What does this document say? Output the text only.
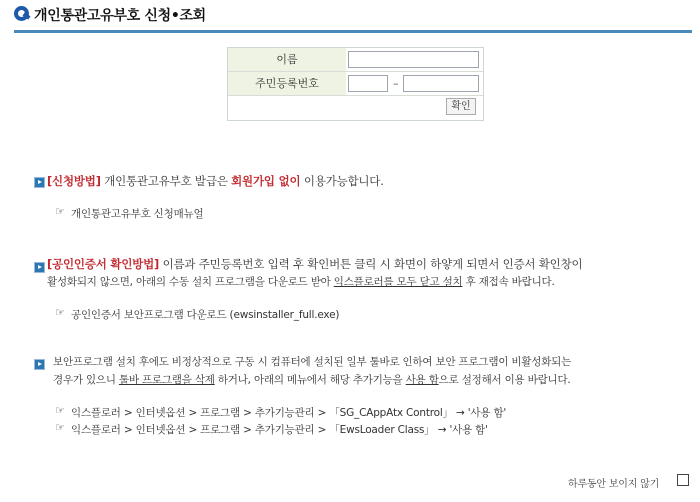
개인통관고유부호 신청•조회
이름
주민등록번호	–
확인
[신청방법] 개인통관고유부호 발급은 회원가입 없이 이용가능합니다.
☞ 개인통관고유부호 신청매뉴얼
[공인인증서 확인방법] 이름과 주민등록번호 입력 후 확인버튼 클릭 시 화면이 하얗게 되면서 인증서 확인창이
활성화되지 않으면, 아래의 수동 설치 프로그램을 다운로드 받아 익스플로러를 모두 닫고 설치 후 재접속 바랍니다.
☞ 공인인증서 보안프로그램 다운로드 (ewsinstaller_full.exe)
보안프로그램 설치 후에도 비정상적으로 구동 시 컴퓨터에 설치된 일부 툴바로 인하여 보안 프로그램이 비활성화되는
경우가 있으니 툴바 프로그램을 삭제 하거나, 아래의 메뉴에서 해당 추가기능을 사용 함으로 설정해서 이용 바랍니다.
☞ 익스플로러 > 인터넷옵션 > 프로그램 > 추가기능관리 > 「SG_CAppAtx Control」 → '사용 함'
☞ 익스플로러 > 인터넷옵션 > 프로그램 > 추가기능관리 > 「EwsLoader Class」 → '사용 함'
하루동안 보이지 않기
